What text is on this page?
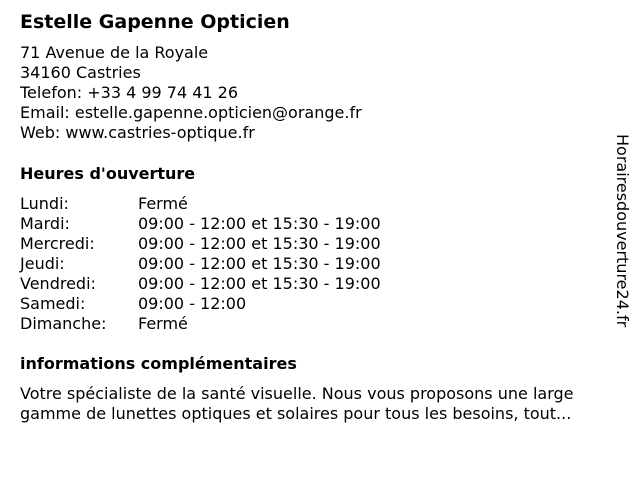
Estelle Gapenne Opticien
71 Avenue de la Royale
34160 Castries
Telefon: +33 4 99 74 41 26
Email: estelle.gapenne.opticien@orange.fr
Web: www.castries-optique.fr
Heures d'ouverture
Lundi:	Fermé
Mardi:	09:00 - 12:00 et 15:30 - 19:00
Mercredi:	09:00 - 12:00 et 15:30 - 19:00
Jeudi:	09:00 - 12:00 et 15:30 - 19:00
Vendredi:	09:00 - 12:00 et 15:30 - 19:00
Samedi:	09:00 - 12:00
Dimanche: Fermé
informations complémentaires
Votre spécialiste de la santé visuelle. Nous vous proposons une large gamme de lunettes optiques et solaires pour tous les besoins, tout...
Horairesdouverture24.fr
